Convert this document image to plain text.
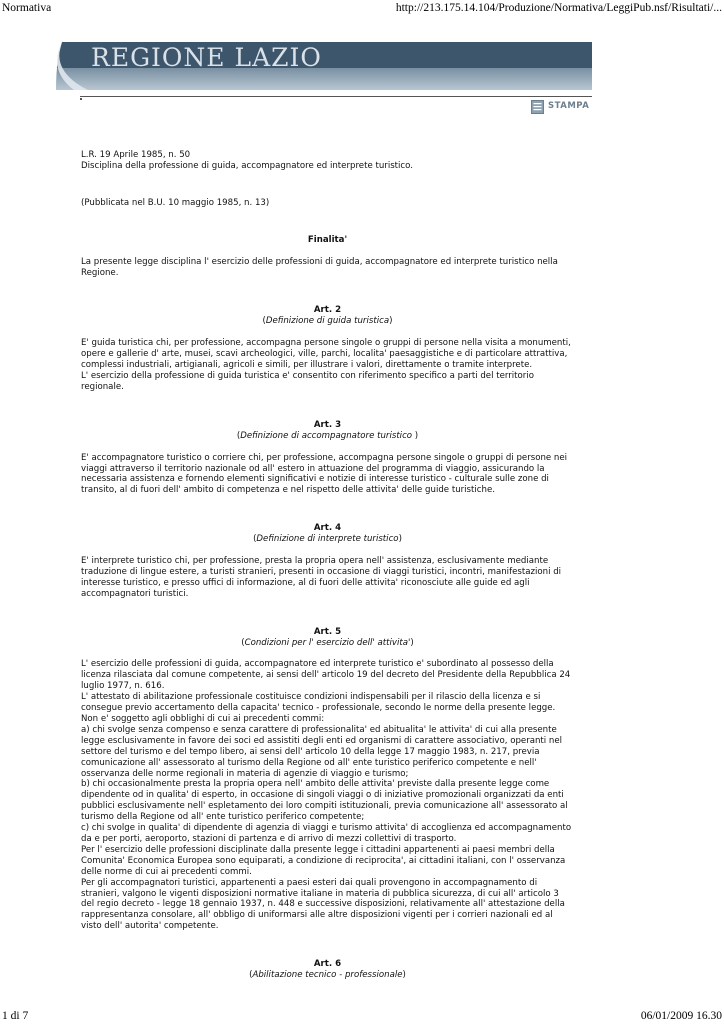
Normativa	http://213.175.14.104/Produzione/Normativa/LeggiPub.nsf/Risultati/...
REGIONE LAZIO
STAMPA

L.R. 19 Aprile 1985, n. 50

Disciplina della professione di guida, accompagnatore ed interprete turistico.

(Pubblicata nel B.U. 10 maggio 1985, n. 13)

Finalita'

La presente legge disciplina l' esercizio delle professioni di guida, accompagnatore ed interprete turistico nella Regione.

Art. 2
(Definizione di guida turistica)

E' guida turistica chi, per professione, accompagna persone singole o gruppi di persone nella visita a monumenti, opere e gallerie d' arte, musei, scavi archeologici, ville, parchi, localita' paesaggistiche e di particolare attrattiva, complessi industriali, artigianali, agricoli e simili, per illustrare i valori, direttamente o tramite interprete.

L' esercizio della professione di guida turistica e' consentito con riferimento specifico a parti del territorio regionale.

Art. 3
(Definizione di accompagnatore turistico )

E' accompagnatore turistico o corriere chi, per professione, accompagna persone singole o gruppi di persone nei viaggi attraverso il territorio nazionale od all' estero in attuazione del programma di viaggio, assicurando la necessaria assistenza e fornendo elementi significativi e notizie di interesse turistico - culturale sulle zone di transito, al di fuori dell' ambito di competenza e nel rispetto delle attivita' delle guide turistiche.

Art. 4
(Definizione di interprete turistico)

E' interprete turistico chi, per professione, presta la propria opera nell' assistenza, esclusivamente mediante traduzione di lingue estere, a turisti stranieri, presenti in occasione di viaggi turistici, incontri, manifestazioni di interesse turistico, e presso uffici di informazione, al di fuori delle attivita' riconosciute alle guide ed agli accompagnatori turistici.

Art. 5
(Condizioni per l' esercizio dell' attivita')

L' esercizio delle professioni di guida, accompagnatore ed interprete turistico e' subordinato al possesso della licenza rilasciata dal comune competente, ai sensi dell' articolo 19 del decreto del Presidente della Repubblica 24 luglio 1977, n. 616.

L' attestato di abilitazione professionale costituisce condizioni indispensabili per il rilascio della licenza e si consegue previo accertamento della capacita' tecnico - professionale, secondo le norme della presente legge. Non e' soggetto agli obblighi di cui ai precedenti commi:

a) chi svolge senza compenso e senza carattere di professionalita' ed abitualita' le attivita' di cui alla presente legge esclusivamente in favore dei soci ed assistiti degli enti ed organismi di carattere associativo, operanti nel settore del turismo e del tempo libero, ai sensi dell' articolo 10 della legge 17 maggio 1983, n. 217, previa comunicazione all' assessorato al turismo della Regione od all' ente turistico periferico competente e nell' osservanza delle norme regionali in materia di agenzie di viaggio e turismo;

b) chi occasionalmente presta la propria opera nell' ambito delle attivita' previste dalla presente legge come dipendente od in qualita' di esperto, in occasione di singoli viaggi o di iniziative promozionali organizzati da enti pubblici esclusivamente nell' espletamento dei loro compiti istituzionali, previa comunicazione all' assessorato al turismo della Regione od all' ente turistico periferico competente;

c) chi svolge in qualita' di dipendente di agenzia di viaggi e turismo attivita' di accoglienza ed accompagnamento da e per porti, aeroporto, stazioni di partenza e di arrivo di mezzi collettivi di trasporto.

Per l' esercizio delle professioni disciplinate dalla presente legge i cittadini appartenenti ai paesi membri della Comunita' Economica Europea sono equiparati, a condizione di reciprocita', ai cittadini italiani, con l' osservanza delle norme di cui ai precedenti commi.

Per gli accompagnatori turistici, appartenenti a paesi esteri dai quali provengono in accompagnamento di stranieri, valgono le vigenti disposizioni normative italiane in materia di pubblica sicurezza, di cui all' articolo 3 del regio decreto - legge 18 gennaio 1937, n. 448 e successive disposizioni, relativamente all' attestazione della rappresentanza consolare, all' obbligo di uniformarsi alle altre disposizioni vigenti per i corrieri nazionali ed al visto dell' autorita' competente.

Art. 6
(Abilitazione tecnico - professionale)
1 di 7	06/01/2009 16.30
